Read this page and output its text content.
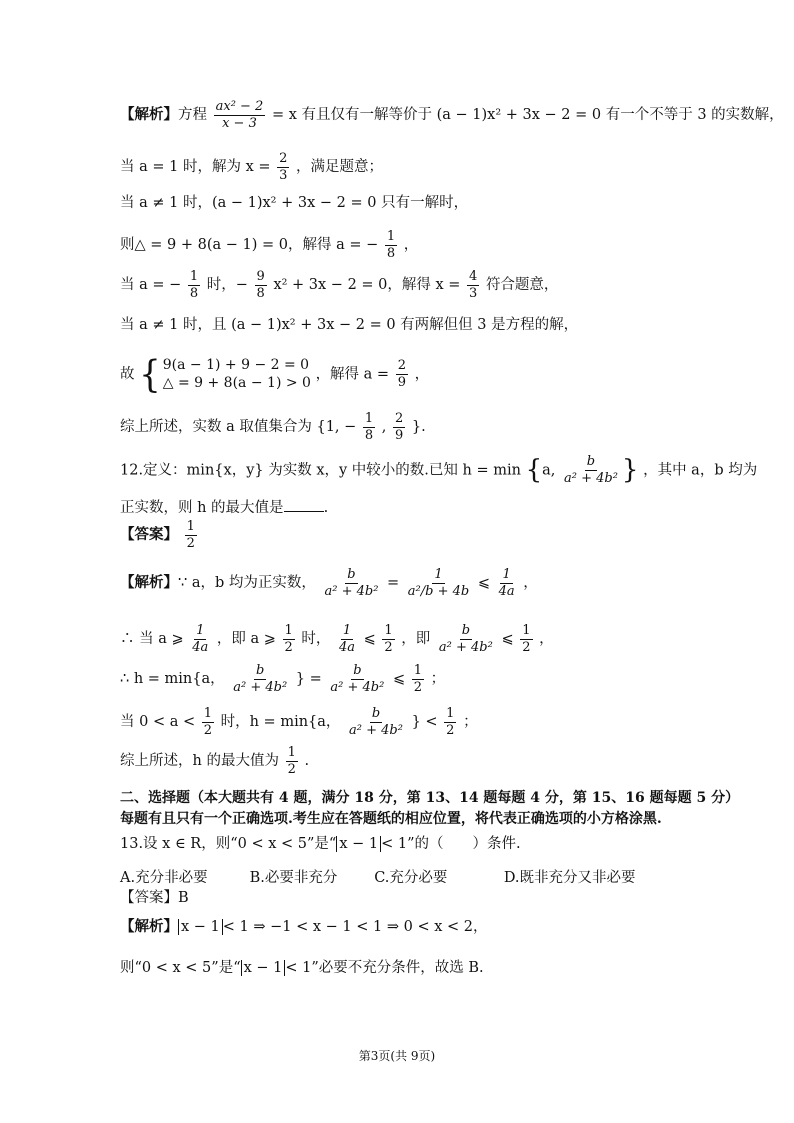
【解析】方程 $\frac{\text{ax² − 2}}{x - 3} = x$ 有且仅有一解等价于 (a − 1)x² + 3x − 2 = 0 有一个不等于 3 的实数解，
当 a = 1 时，解为 $x = \frac{2}{3}$ ，满足题意；
当 a ≠ 1 时，(a − 1)x² + 3x − 2 = 0 只有一解时，
则△ = 9 + 8(a − 1) = 0，解得 a = − $\frac{1}{8}$ ，
当 a = − $\frac{1}{8}$ 时，− $\frac{9}{8} x^2 + 3x - 2 = 0$，解得 $x = \frac{4}{3}$ 符合题意，
当 a ≠ 1 时，且 (a − 1)x² + 3x − 2 = 0 有两解但但 3 是方程的解，
故 { 9(a − 1) + 9 − 2 = 0
△ = 9 + 8(a − 1) > 0 ，解得 $a = \frac{2}{9}$ ，
综上所述，实数 a 取值集合为 {1, − $\frac{1}{8}$ , $\frac{2}{9}$ }.
12.定义：min{x，y} 为实数 x，y 中较小的数.已知 h = min {a, $\frac{b}{\text{a² + 4b²}}$ } ，其中 a，b 均为
正实数，则 h 的最大值是	.
【答案】 $\frac{1}{2}$
【解析】∵ a，b 均为正实数， $\frac{b}{\text{a² + 4b²}} = \frac{1}{\text{a²/b + 4b}}$ ⩽ $\frac{1}{4a}$ ，
∴ 当 a ⩾ $\frac{1}{4a}$ ，即 a ⩾ $\frac{1}{2}$ 时， $\frac{1}{4a}$ ⩽ $\frac{1}{2}$ ，即 $\frac{b}{\text{a² + 4b²}}$ ⩽ $\frac{1}{2}$ ，
∴ h = min{a， $\frac{b}{\text{a² + 4b²}}$ } = $\frac{b}{\text{a² + 4b²}}$ ⩽ $\frac{1}{2}$ ；
当 $0 < a < \frac{1}{2}$ 时，h = min{a， $\frac{b}{\text{a² + 4b²}}$ } < $\frac{1}{2}$ ；
综上所述，h 的最大值为 $\frac{1}{2}$ .
二、选择题（本大题共有 4 题，满分 18 分，第 13、14 题每题 4 分，第 15、16 题每题 5 分）
每题有且只有一个正确选项.考生应在答题纸的相应位置，将代表正确选项的小方格涂黑.
13.设 x ∈ R，则“0 < x < 5”是“ x − 1 < 1”的（　　）条件.
A.充分非必要	B.必要非充分	C.充分必要	D.既非充分又非必要
【答案】B
【解析】 x − 1 < 1 ⇒ −1 < x − 1 < 1 ⇒ 0 < x < 2，
则“0 < x < 5”是“ x − 1 < 1”必要不充分条件，故选 B.
第3页(共 9页)
